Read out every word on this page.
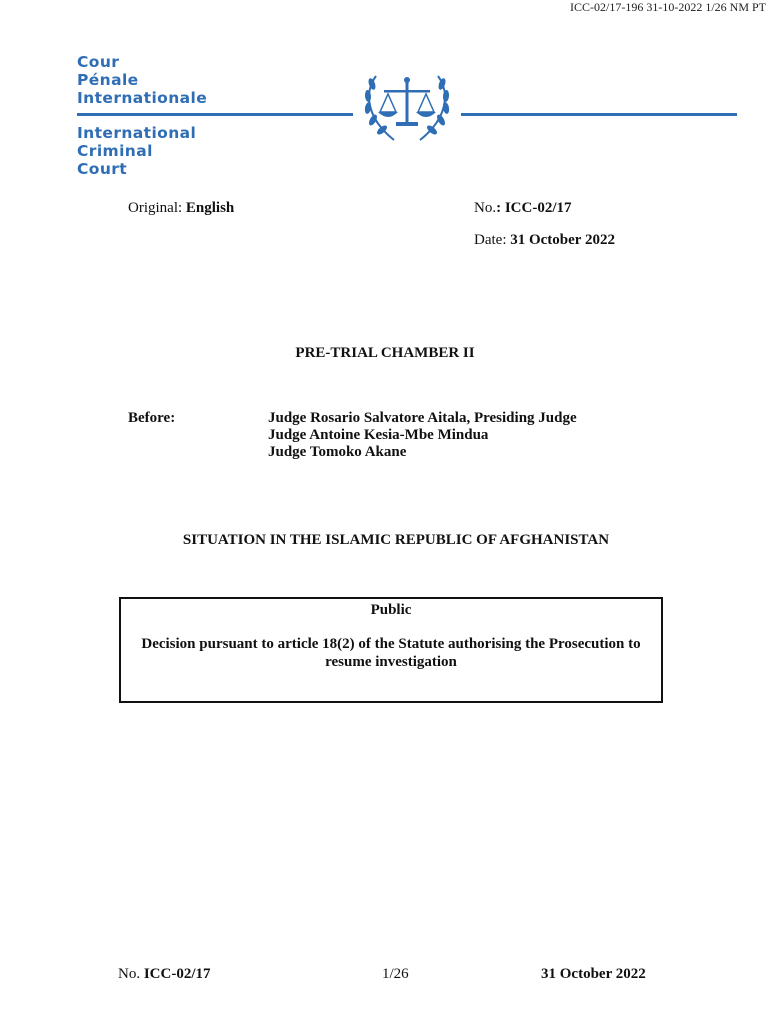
ICC-02/17-196 31-10-2022 1/26 NM PT
Cour
Pénale
Internationale
International
Criminal
Court
Original: English	No.: ICC-02/17
Date: 31 October 2022
PRE-TRIAL CHAMBER II
Before:	Judge Rosario Salvatore Aitala, Presiding Judge
Judge Antoine Kesia-Mbe Mindua
Judge Tomoko Akane
SITUATION IN THE ISLAMIC REPUBLIC OF AFGHANISTAN
Public
Decision pursuant to article 18(2) of the Statute authorising the Prosecution to resume investigation
No. ICC-02/17	1/26	31 October 2022
